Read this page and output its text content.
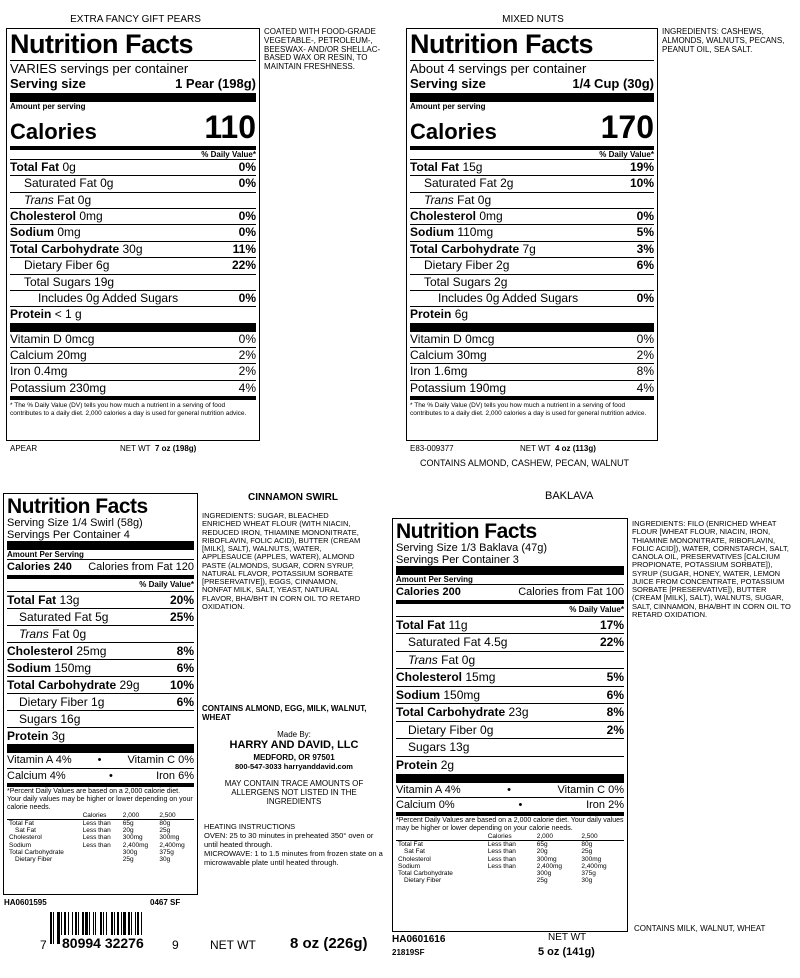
EXTRA FANCY GIFT PEARS
Nutrition Facts
VARIES servings per container
Serving size	1 Pear (198g)
Amount per serving
Calories	110
% Daily Value*
Total Fat 0g	0%
Saturated Fat 0g	0%
Trans Fat 0g
Cholesterol 0mg	0%
Sodium 0mg	0%
Total Carbohydrate 30g	11%
Dietary Fiber 6g	22%
Total Sugars 19g
Includes 0g Added Sugars	0%
Protein < 1 g
Vitamin D 0mcg	0%
Calcium 20mg	2%
Iron 0.4mg	2%
Potassium 230mg	4%
* The % Daily Value (DV) tells you how much a nutrient in a serving of food contributes to a daily diet. 2,000 calories a day is used for general nutrition advice.
COATED WITH FOOD-GRADE VEGETABLE-, PETROLEUM-, BEESWAX- AND/OR SHELLAC-BASED WAX OR RESIN, TO MAINTAIN FRESHNESS.
APEAR	NET WT 7 oz (198g)
MIXED NUTS
Nutrition Facts
About 4 servings per container
Serving size	1/4 Cup (30g)
Amount per serving
Calories	170
% Daily Value*
Total Fat 15g	19%
Saturated Fat 2g	10%
Trans Fat 0g
Cholesterol 0mg	0%
Sodium 110mg	5%
Total Carbohydrate 7g	3%
Dietary Fiber 2g	6%
Total Sugars 2g
Includes 0g Added Sugars	0%
Protein 6g
Vitamin D 0mcg	0%
Calcium 30mg	2%
Iron 1.6mg	8%
Potassium 190mg	4%
* The % Daily Value (DV) tells you how much a nutrient in a serving of food contributes to a daily diet. 2,000 calories a day is used for general nutrition advice.
INGREDIENTS: CASHEWS, ALMONDS, WALNUTS, PECANS, PEANUT OIL, SEA SALT.
E83-009377	NET WT 4 oz (113g)
CONTAINS ALMOND, CASHEW, PECAN, WALNUT
CINNAMON SWIRL
Nutrition Facts
Serving Size 1/4 Swirl (58g)
Servings Per Container 4
Amount Per Serving
Calories 240 Calories from Fat 120
% Daily Value*
Total Fat 13g	20%
Saturated Fat 5g	25%
Trans Fat 0g
Cholesterol 25mg	8%
Sodium 150mg	6%
Total Carbohydrate 29g	10%
Dietary Fiber 1g	6%
Sugars 16g
Protein 3g
Vitamin A 4% • Vitamin C 0%
Calcium 4%	•	Iron 6%
*Percent Daily Values are based on a 2,000 calorie diet. Your daily values may be higher or lower depending on your calorie needs.
	Calories	2,000	2,500
Total Fat	Less than	65g	80g
Sat Fat	Less than	20g	25g
Cholesterol	Less than	300mg	300mg
Sodium	Less than	2,400mg	2,400mg
Total Carbohydrate		300g	375g
Dietary Fiber		25g	30g
INGREDIENTS: SUGAR, BLEACHED ENRICHED WHEAT FLOUR (WITH NIACIN, REDUCED IRON, THIAMINE MONONITRATE, RIBOFLAVIN, FOLIC ACID), BUTTER (CREAM [MILK], SALT), WALNUTS, WATER, APPLESAUCE (APPLES, WATER), ALMOND PASTE (ALMONDS, SUGAR, CORN SYRUP, NATURAL FLAVOR, POTASSIUM SORBATE [PRESERVATIVE]), EGGS, CINNAMON, NONFAT MILK, SALT, YEAST, NATURAL FLAVOR, BHA/BHT IN CORN OIL TO RETARD OXIDATION.
CONTAINS ALMOND, EGG, MILK, WALNUT, WHEAT
HA0601595	0467 SF
7 80994 32276 9	NET WT 8 oz (226g)
Made By:
HARRY AND DAVID, LLC
MEDFORD, OR 97501
800-547-3033 harryanddavid.com
MAY CONTAIN TRACE AMOUNTS OF ALLERGENS NOT LISTED IN THE INGREDIENTS
HEATING INSTRUCTIONS
OVEN: 25 to 30 minutes in preheated 350° oven or until heated through.
MICROWAVE: 1 to 1.5 minutes from frozen state on a microwavable plate until heated through.
BAKLAVA
Nutrition Facts
Serving Size 1/3 Baklava (47g)
Servings Per Container 3
Amount Per Serving
Calories 200	Calories from Fat 100
% Daily Value*
Total Fat 11g	17%
Saturated Fat 4.5g	22%
Trans Fat 0g
Cholesterol 15mg	5%
Sodium 150mg	6%
Total Carbohydrate 23g	8%
Dietary Fiber 0g	2%
Sugars 13g
Protein 2g
Vitamin A 4%	•	Vitamin C 0%
Calcium 0%	•	Iron 2%
*Percent Daily Values are based on a 2,000 calorie diet. Your daily values may be higher or lower depending on your calorie needs.
	Calories	2,000	2,500
Total Fat	Less than	65g	80g
Sat Fat	Less than	20g	25g
Cholesterol	Less than	300mg	300mg
Sodium	Less than	2,400mg	2,400mg
Total Carbohydrate		300g	375g
Dietary Fiber		25g	30g
INGREDIENTS: FILO (ENRICHED WHEAT FLOUR [WHEAT FLOUR, NIACIN, IRON, THIAMINE MONONITRATE, RIBOFLAVIN, FOLIC ACID]), WATER, CORNSTARCH, SALT, CANOLA OIL, PRESERVATIVES [CALCIUM PROPIONATE, POTASSIUM SORBATE]), SYRUP (SUGAR, HONEY, WATER, LEMON JUICE FROM CONCENTRATE, POTASSIUM SORBATE [PRESERVATIVE]), BUTTER (CREAM [MILK], SALT), WALNUTS, SUGAR, SALT, CINNAMON, BHA/BHT IN CORN OIL TO RETARD OXIDATION.
CONTAINS MILK, WALNUT, WHEAT
HA0601616
21819SF
NET WT
5 oz (141g)
